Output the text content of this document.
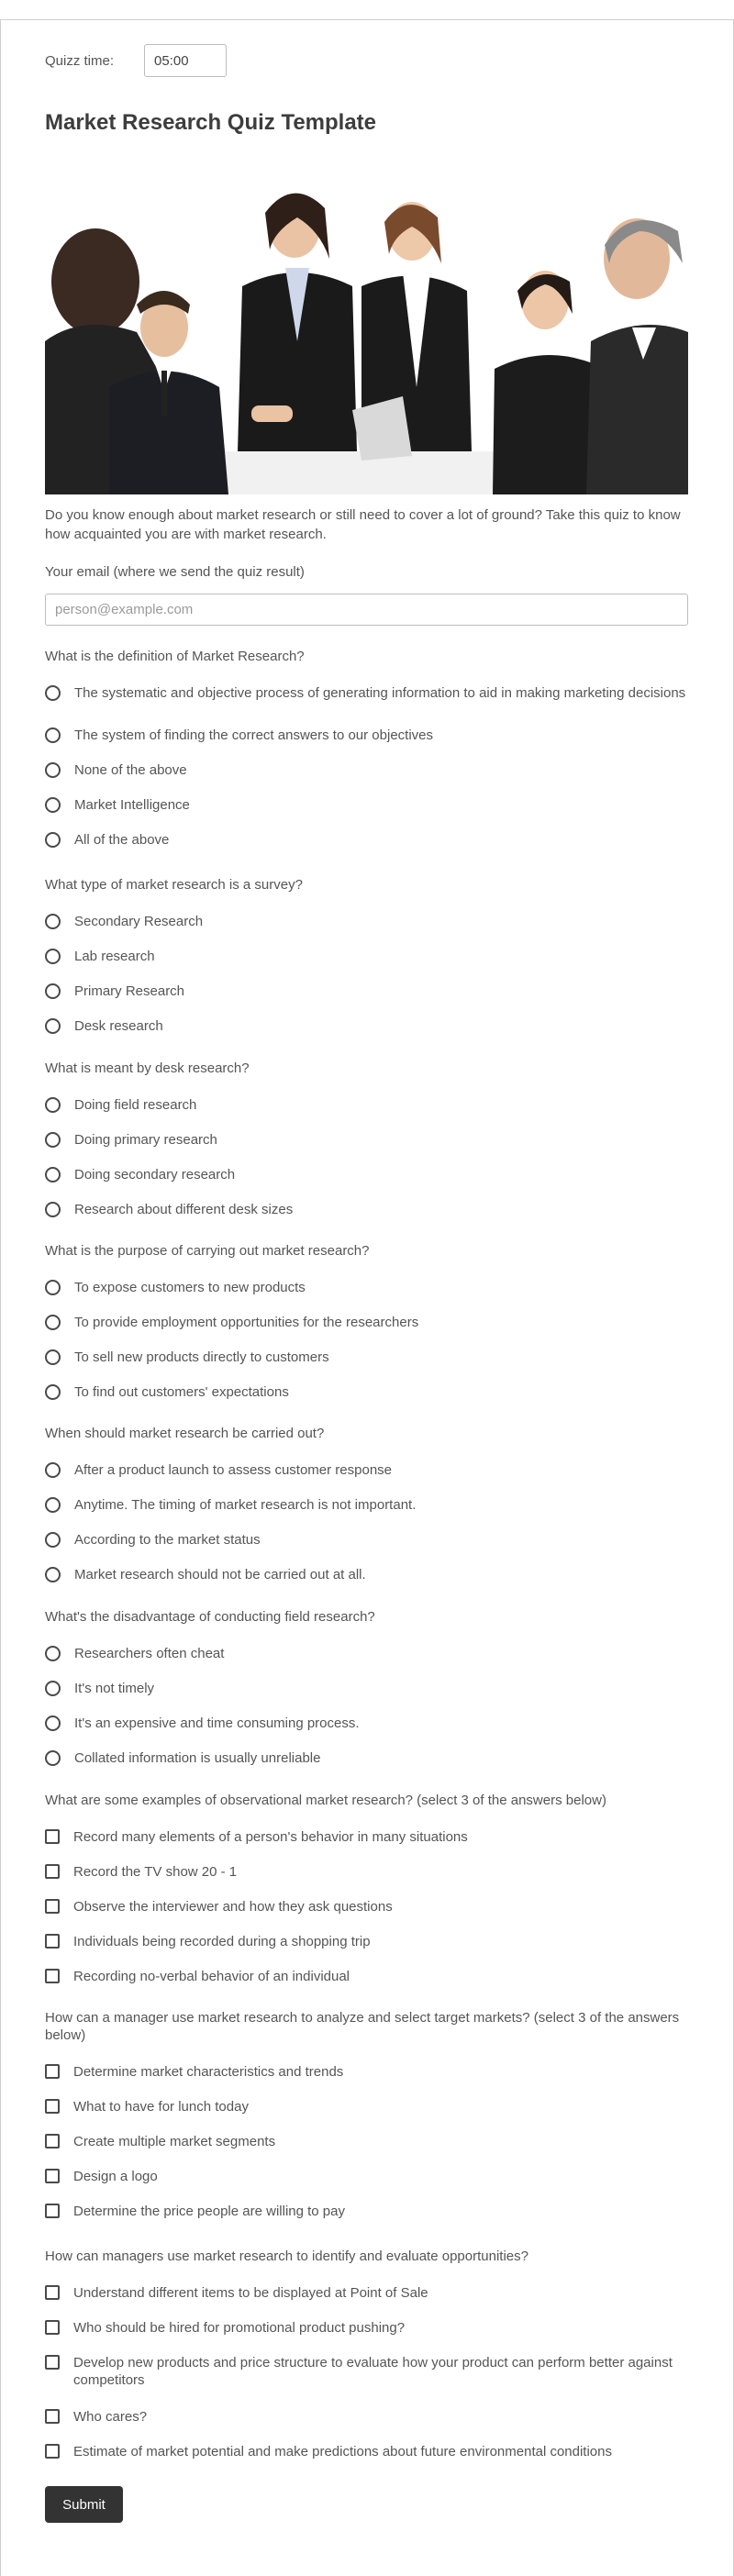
Quizz time:	05:00
Market Research Quiz Template
Do you know enough about market research or still need to cover a lot of ground? Take this quiz to know how acquainted you are with market research.
Your email (where we send the quiz result)
person@example.com
What is the definition of Market Research?
The systematic and objective process of generating information to aid in making marketing decisions
The system of finding the correct answers to our objectives
None of the above
Market Intelligence
All of the above
What type of market research is a survey?
Secondary Research
Lab research
Primary Research
Desk research
What is meant by desk research?
Doing field research
Doing primary research
Doing secondary research
Research about different desk sizes
What is the purpose of carrying out market research?
To expose customers to new products
To provide employment opportunities for the researchers
To sell new products directly to customers
To find out customers' expectations
When should market research be carried out?
After a product launch to assess customer response
Anytime. The timing of market research is not important.
According to the market status
Market research should not be carried out at all.
What's the disadvantage of conducting field research?
Researchers often cheat
It's not timely
It's an expensive and time consuming process.
Collated information is usually unreliable
What are some examples of observational market research? (select 3 of the answers below)
Record many elements of a person's behavior in many situations
Record the TV show 20 - 1
Observe the interviewer and how they ask questions
Individuals being recorded during a shopping trip
Recording no-verbal behavior of an individual
How can a manager use market research to analyze and select target markets? (select 3 of the answers below)
Determine market characteristics and trends
What to have for lunch today
Create multiple market segments
Design a logo
Determine the price people are willing to pay
How can managers use market research to identify and evaluate opportunities?
Understand different items to be displayed at Point of Sale
Who should be hired for promotional product pushing?
Develop new products and price structure to evaluate how your product can perform better against competitors
Who cares?
Estimate of market potential and make predictions about future environmental conditions
Submit
